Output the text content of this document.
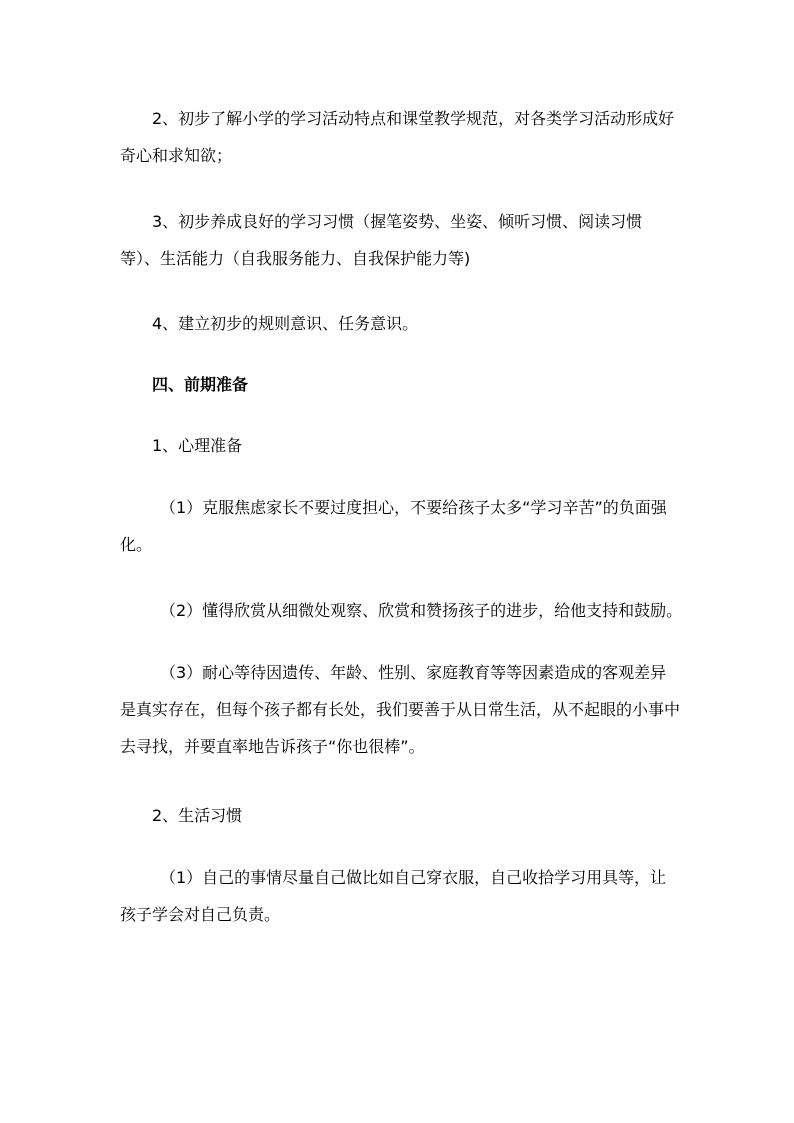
2、初步了解小学的学习活动特点和课堂教学规范，对各类学习活动形成好奇心和求知欲；

3、初步养成良好的学习习惯（握笔姿势、坐姿、倾听习惯、阅读习惯等）、生活能力（自我服务能力、自我保护能力等)

4、建立初步的规则意识、任务意识。

四、前期准备

1、心理准备

（1）克服焦虑家长不要过度担心，不要给孩子太多“学习辛苦”的负面强化。

（2）懂得欣赏从细微处观察、欣赏和赞扬孩子的进步，给他支持和鼓励。

（3）耐心等待因遗传、年龄、性别、家庭教育等等因素造成的客观差异是真实存在，但每个孩子都有长处，我们要善于从日常生活，从不起眼的小事中去寻找，并要直率地告诉孩子“你也很棒”。

2、生活习惯

（1）自己的事情尽量自己做比如自己穿衣服，自己收拾学习用具等，让孩子学会对自己负责。
